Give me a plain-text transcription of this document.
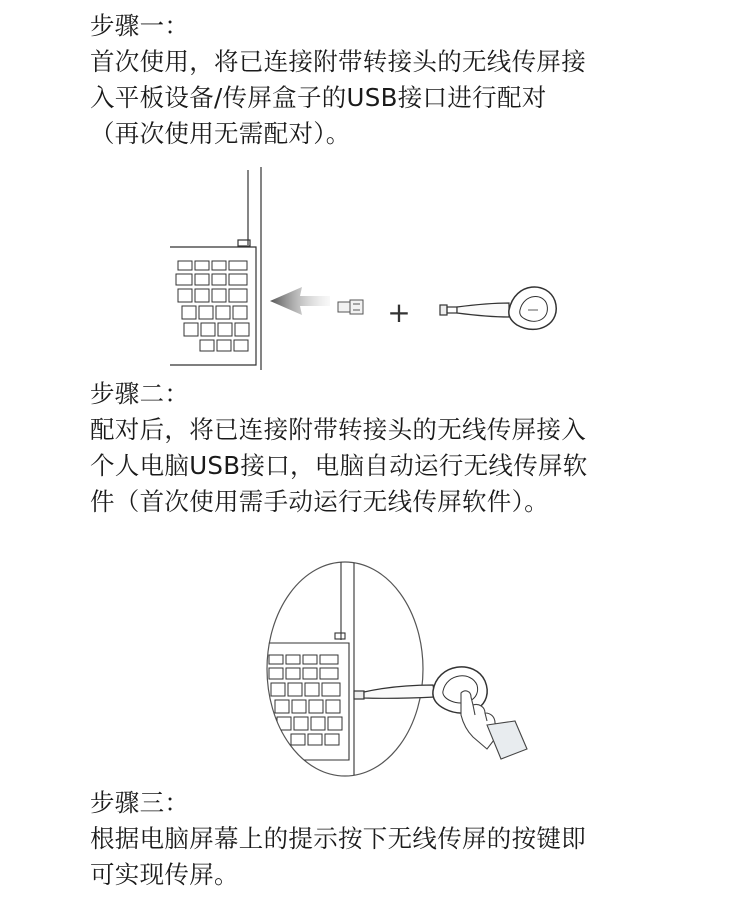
步骤一：
首次使用，将已连接附带转接头的无线传屏接
入平板设备/传屏盒子的USB接口进行配对
（再次使用无需配对）。
+
步骤二：
配对后，将已连接附带转接头的无线传屏接入
个人电脑USB接口，电脑自动运行无线传屏软
件（首次使用需手动运行无线传屏软件）。
步骤三：
根据电脑屏幕上的提示按下无线传屏的按键即
可实现传屏。
